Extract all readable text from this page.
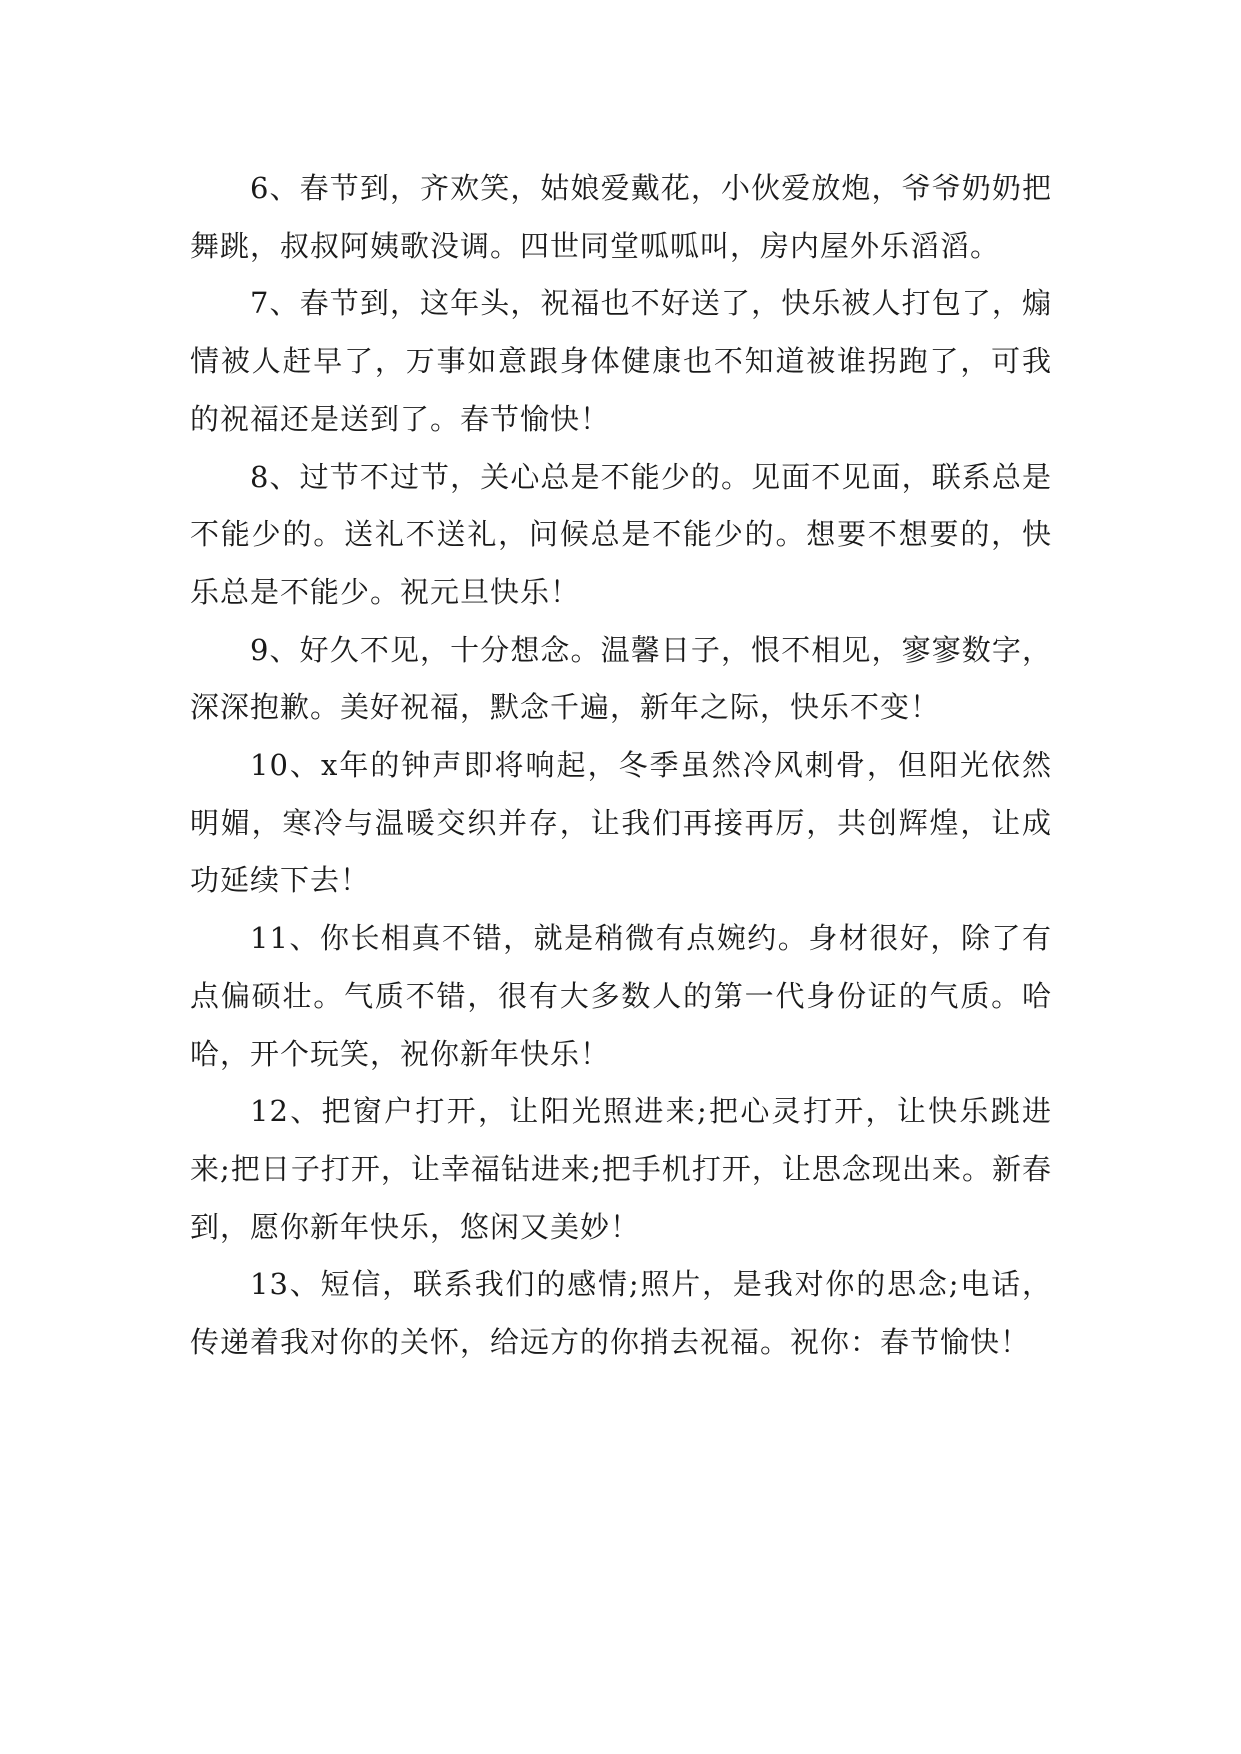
6、春节到，齐欢笑，姑娘爱戴花，小伙爱放炮，爷爷奶奶把舞跳，叔叔阿姨歌没调。四世同堂呱呱叫，房内屋外乐滔滔。

7、春节到，这年头，祝福也不好送了，快乐被人打包了，煽情被人赶早了，万事如意跟身体健康也不知道被谁拐跑了，可我的祝福还是送到了。春节愉快！

8、过节不过节，关心总是不能少的。见面不见面，联系总是不能少的。送礼不送礼，问候总是不能少的。想要不想要的，快乐总是不能少。祝元旦快乐！

9、好久不见，十分想念。温馨日子，恨不相见，寥寥数字，深深抱歉。美好祝福，默念千遍，新年之际，快乐不变！

10、x年的钟声即将响起，冬季虽然冷风刺骨，但阳光依然明媚，寒冷与温暖交织并存，让我们再接再厉，共创辉煌，让成功延续下去！

11、你长相真不错，就是稍微有点婉约。身材很好，除了有点偏硕壮。气质不错，很有大多数人的第一代身份证的气质。哈哈，开个玩笑，祝你新年快乐！

12、把窗户打开，让阳光照进来;把心灵打开，让快乐跳进来;把日子打开，让幸福钻进来;把手机打开，让思念现出来。新春到，愿你新年快乐，悠闲又美妙！

13、短信，联系我们的感情;照片，是我对你的思念;电话，传递着我对你的关怀，给远方的你捎去祝福。祝你：春节愉快！
